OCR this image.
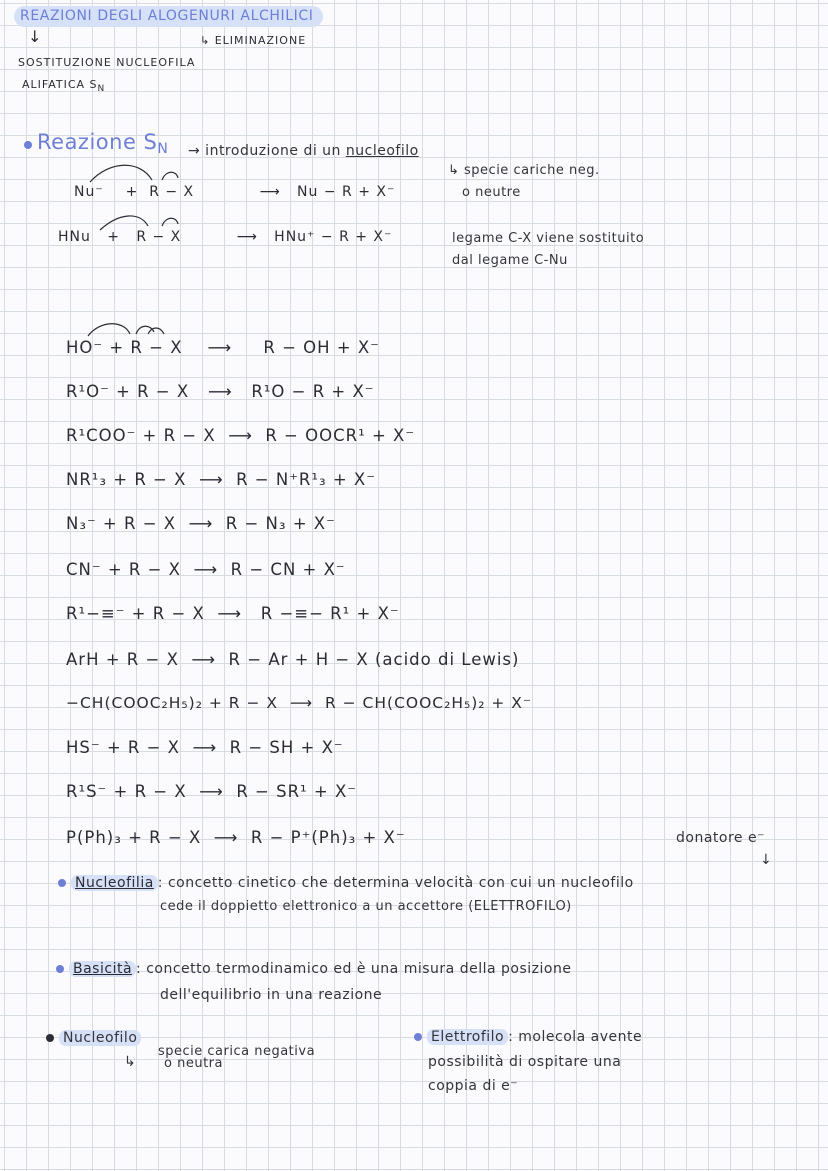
REAZIONI DEGLI ALOGENURI ALCHILICI
↓	↳ ELIMINAZIONE
SOSTITUZIONE NUCLEOFILA
ALIFATICA $S_N$
Reazione $S_N$ → introduzione di un nucleofilo
↳ specie cariche neg.
o neutre
Nu⁻ + R − X	⟶ Nu − R + X⁻
HNu + R − X	⟶ HNu⁺ − R + X⁻	legame C-X viene sostituito
dal legame C-Nu
HO⁻ + R − X ⟶ R − OH + X⁻
R¹O⁻ + R − X ⟶ R¹O − R + X⁻
R¹COO⁻ + R − X ⟶ R − OOCR¹ + X⁻
NR¹₃ + R − X ⟶ R − N⁺R¹₃ + X⁻
N₃⁻ + R − X ⟶ R − N₃ + X⁻
CN⁻ + R − X ⟶ R − CN + X⁻
R¹−≡⁻ + R − X ⟶ R −≡− R¹ + X⁻
ArH + R − X ⟶ R − Ar + H − X (acido di Lewis)
−CH(COOC₂H₅)₂ + R − X ⟶ R − CH(COOC₂H₅)₂ + X⁻
HS⁻ + R − X ⟶ R − SH + X⁻
R¹S⁻ + R − X ⟶ R − SR¹ + X⁻
P(Ph)₃ + R − X ⟶ R − P⁺(Ph)₃ + X⁻	donatore e⁻
↓
Nucleofilia : concetto cinetico che determina velocità con cui un nucleofilo
cede il doppietto elettronico a un accettore (ELETTROFILO)
Basicità : concetto termodinamico ed è una misura della posizione
dell'equilibrio in una reazione
Nucleofilo
↳
specie carica negativa
o neutra
Elettrofilo : molecola avente
possibilità di ospitare una
coppia di e⁻
